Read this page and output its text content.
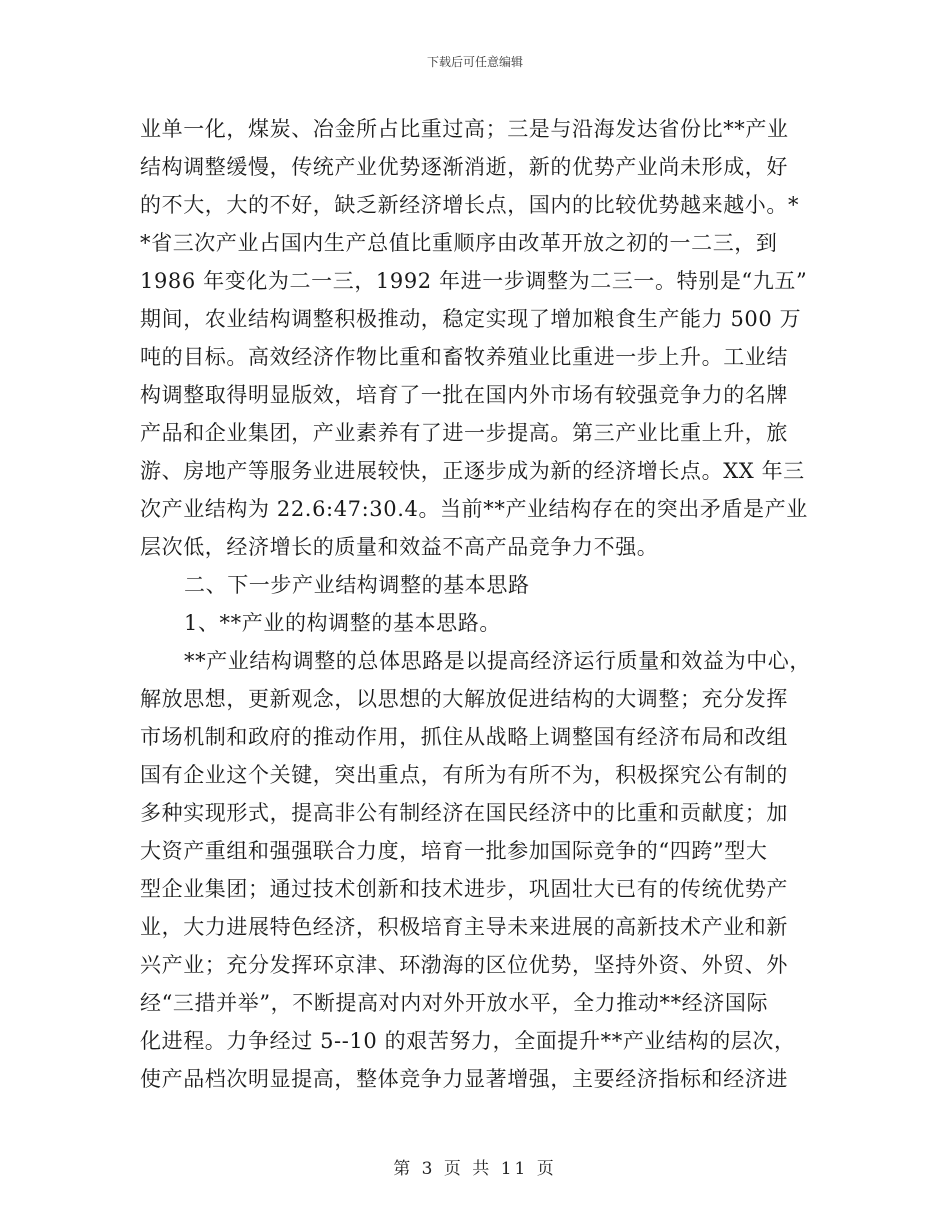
下载后可任意编辑
业单一化，煤炭、冶金所占比重过高；三是与沿海发达省份比**产业
结构调整缓慢，传统产业优势逐渐消逝，新的优势产业尚未形成，好
的不大，大的不好，缺乏新经济增长点，国内的比较优势越来越小。*
*省三次产业占国内生产总值比重顺序由改革开放之初的一二三，到
1986 年变化为二一三，1992 年进一步调整为二三一。特别是“九五”
期间，农业结构调整积极推动，稳定实现了增加粮食生产能力 500 万
吨的目标。高效经济作物比重和畜牧养殖业比重进一步上升。工业结
构调整取得明显版效，培育了一批在国内外市场有较强竞争力的名牌
产品和企业集团，产业素养有了进一步提高。第三产业比重上升，旅
游、房地产等服务业进展较快，正逐步成为新的经济增长点。XX 年三
次产业结构为 22.6:47:30.4。当前**产业结构存在的突出矛盾是产业
层次低，经济增长的质量和效益不高产品竞争力不强。
二、下一步产业结构调整的基本思路
1、**产业的构调整的基本思路。
**产业结构调整的总体思路是以提高经济运行质量和效益为中心，
解放思想，更新观念，以思想的大解放促进结构的大调整；充分发挥
市场机制和政府的推动作用，抓住从战略上调整国有经济布局和改组
国有企业这个关键，突出重点，有所为有所不为，积极探究公有制的
多种实现形式，提高非公有制经济在国民经济中的比重和贡献度；加
大资产重组和强强联合力度，培育一批参加国际竞争的“四跨”型大
型企业集团；通过技术创新和技术进步，巩固壮大已有的传统优势产
业，大力进展特色经济，积极培育主导未来进展的高新技术产业和新
兴产业；充分发挥环京津、环渤海的区位优势，坚持外资、外贸、外
经“三措并举”，不断提高对内对外开放水平，全力推动**经济国际
化进程。力争经过 5--10 的艰苦努力，全面提升**产业结构的层次，
使产品档次明显提高，整体竞争力显著增强，主要经济指标和经济进
第 3 页 共 11 页
